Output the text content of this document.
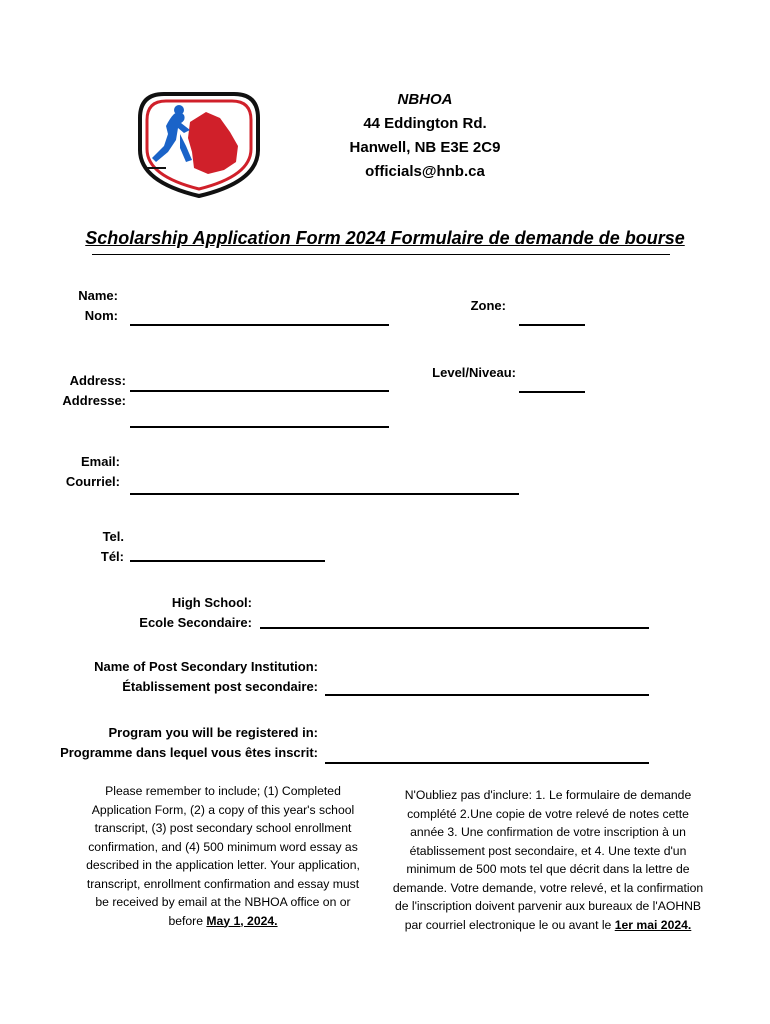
NBHOA
44 Eddington Rd.
Hanwell, NB E3E 2C9
officials@hnb.ca
Scholarship Application Form 2024 Formulaire de demande de bourse
Name:
Nom:
Zone:
Level/Niveau:
Address:
Addresse:
Email:
Courriel:
Tel.
Tél:
High School:
Ecole Secondaire:
Name of Post Secondary Institution:
Établissement post secondaire:
Program you will be registered in:
Programme dans lequel vous êtes inscrit:
Please remember to include; (1) Completed Application Form, (2) a copy of this year's school transcript, (3) post secondary school enrollment confirmation, and (4) 500 minimum word essay as described in the application letter. Your application, transcript, enrollment confirmation and essay must be received by email at the NBHOA office on or before May 1, 2024.
N'Oubliez pas d'inclure: 1. Le formulaire de demande complété 2.Une copie de votre relevé de notes cette année 3. Une confirmation de votre inscription à un établissement post secondaire, et 4. Une texte d'un minimum de 500 mots tel que décrit dans la lettre de demande. Votre demande, votre relevé, et la confirmation de l'inscription doivent parvenir aux bureaux de l'AOHNB par courriel electronique le ou avant le 1er mai 2024.
